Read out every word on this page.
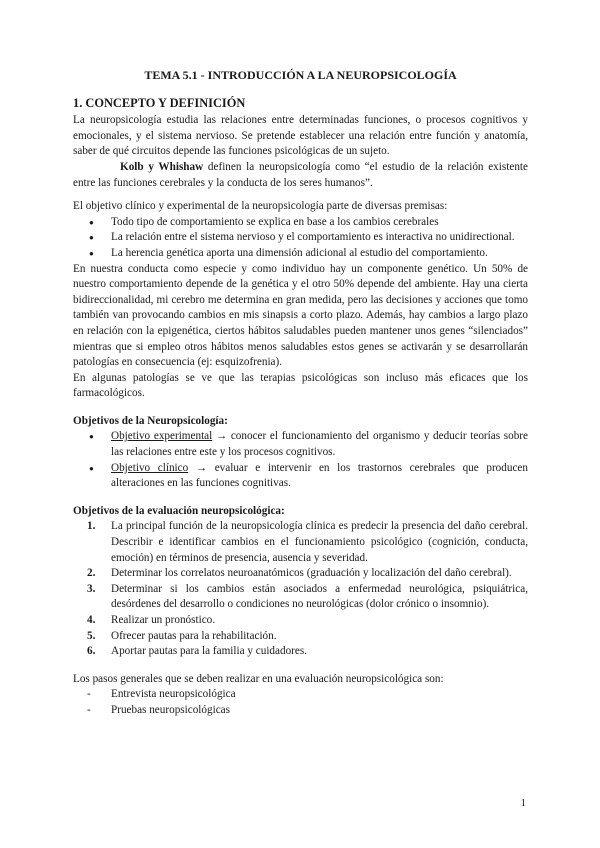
TEMA 5.1 - INTRODUCCIÓN A LA NEUROPSICOLOGÍA
1. CONCEPTO Y DEFINICIÓN

La neuropsicología estudia las relaciones entre determinadas funciones, o procesos cognitivos y emocionales, y el sistema nervioso. Se pretende establecer una relación entre función y anatomía, saber de qué circuitos depende las funciones psicológicas de un sujeto.

Kolb y Whishaw definen la neuropsicología como “el estudio de la relación existente entre las funciones cerebrales y la conducta de los seres humanos”.

El objetivo clínico y experimental de la neuropsicología parte de diversas premisas:

● Todo tipo de comportamiento se explica en base a los cambios cerebrales
● La relación entre el sistema nervioso y el comportamiento es interactiva no unidirectional.
● La herencia genética aporta una dimensión adicional al estudio del comportamiento.

En nuestra conducta como especie y como individuo hay un componente genético. Un 50% de nuestro comportamiento depende de la genética y el otro 50% depende del ambiente. Hay una cierta bidireccionalidad, mi cerebro me determina en gran medida, pero las decisiones y acciones que tomo también van provocando cambios en mis sinapsis a corto plazo. Además, hay cambios a largo plazo en relación con la epigenética, ciertos hábitos saludables pueden mantener unos genes “silenciados” mientras que si empleo otros hábitos menos saludables estos genes se activarán y se desarrollarán patologías en consecuencia (ej: esquizofrenia).

En algunas patologías se ve que las terapias psicológicas son incluso más eficaces que los farmacológicos.

Objetivos de la Neuropsicología:
● Objetivo experimental → conocer el funcionamiento del organismo y deducir teorías sobre las relaciones entre este y los procesos cognitivos.
● Objetivo clínico → evaluar e intervenir en los trastornos cerebrales que producen alteraciones en las funciones cognitivas.
Objetivos de la evaluación neuropsicológica:
1. La principal función de la neuropsicología clínica es predecir la presencia del daño cerebral. Describir e identificar cambios en el funcionamiento psicológico (cognición, conducta, emoción) en términos de presencia, ausencia y severidad.
2. Determinar los correlatos neuroanatómicos (graduación y localización del daño cerebral).
3. Determinar si los cambios están asociados a enfermedad neurológica, psiquiátrica, desórdenes del desarrollo o condiciones no neurológicas (dolor crónico o insomnio).
4. Realizar un pronóstico.
5. Ofrecer pautas para la rehabilitación.
6. Aportar pautas para la familia y cuidadores.

Los pasos generales que se deben realizar en una evaluación neuropsicológica son:

- Entrevista neuropsicológica
- Pruebas neuropsicológicas
1
